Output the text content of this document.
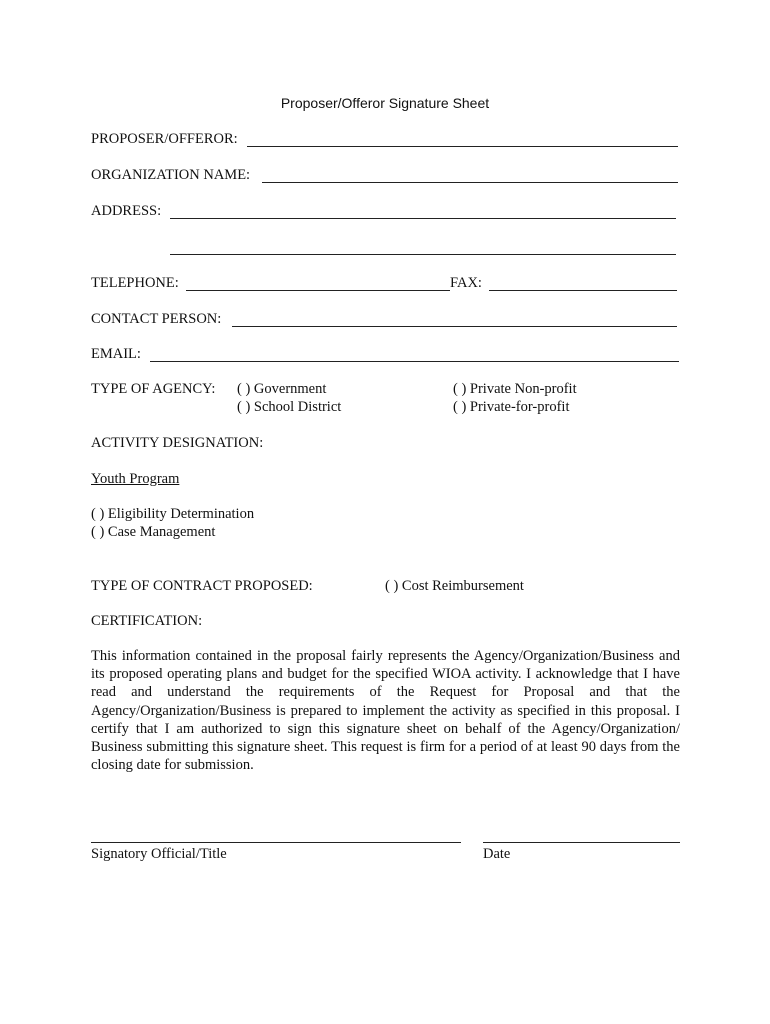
Proposer/Offeror Signature Sheet
PROPOSER/OFFEROR:
ORGANIZATION NAME:
ADDRESS:
TELEPHONE:	FAX:
CONTACT PERSON:
EMAIL:
TYPE OF AGENCY: ( ) Government
( ) School District
( ) Private Non-profit
( ) Private-for-profit
ACTIVITY DESIGNATION:
Youth Program
( ) Eligibility Determination
( ) Case Management
TYPE OF CONTRACT PROPOSED:	( ) Cost Reimbursement
CERTIFICATION:
This information contained in the proposal fairly represents the Agency/Organization/Business and its proposed operating plans and budget for the specified WIOA activity. I acknowledge that I have read and understand the requirements of the Request for Proposal and that the Agency/Organization/Business is prepared to implement the activity as specified in this proposal. I certify that I am authorized to sign this signature sheet on behalf of the Agency/Organization/ Business submitting this signature sheet. This request is firm for a period of at least 90 days from the closing date for submission.
Signatory Official/Title	Date
